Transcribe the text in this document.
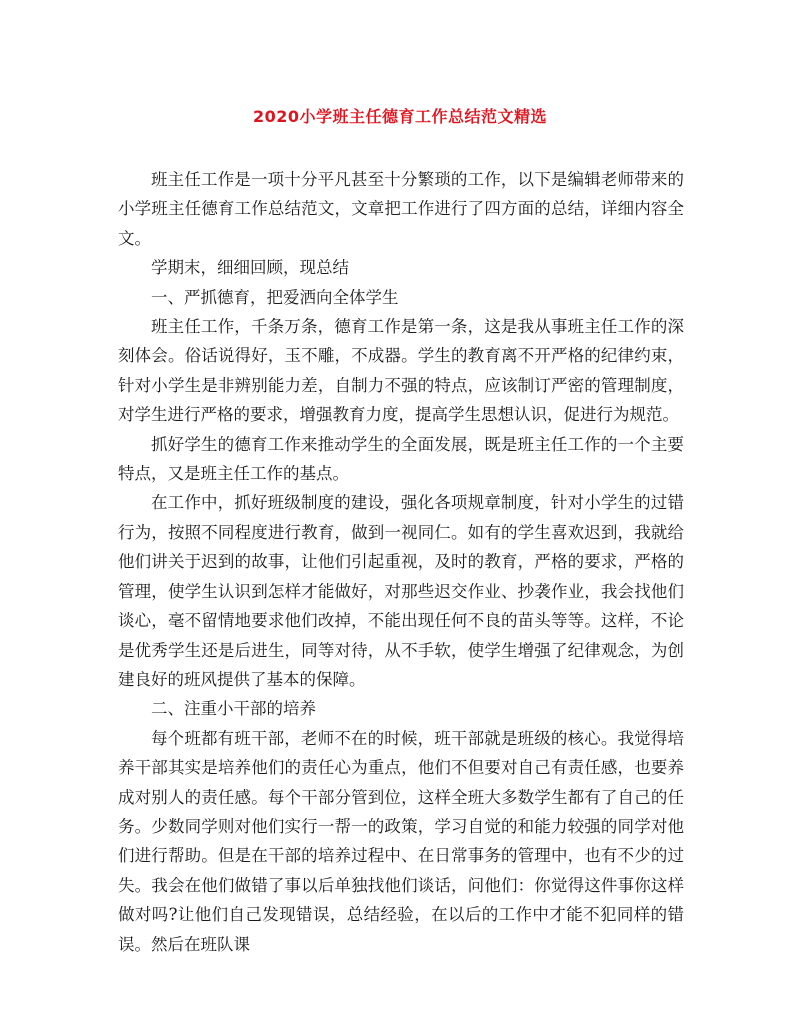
2020小学班主任德育工作总结范文精选

班主任工作是一项十分平凡甚至十分繁琐的工作，以下是编辑老师带来的小学班主任德育工作总结范文，文章把工作进行了四方面的总结，详细内容全文。

学期末，细细回顾，现总结

一、严抓德育，把爱洒向全体学生

班主任工作，千条万条，德育工作是第一条，这是我从事班主任工作的深刻体会。俗话说得好，玉不雕，不成器。学生的教育离不开严格的纪律约束，针对小学生是非辨别能力差，自制力不强的特点，应该制订严密的管理制度，对学生进行严格的要求，增强教育力度，提高学生思想认识，促进行为规范。

抓好学生的德育工作来推动学生的全面发展，既是班主任工作的一个主要特点，又是班主任工作的基点。

在工作中，抓好班级制度的建设，强化各项规章制度，针对小学生的过错行为，按照不同程度进行教育，做到一视同仁。如有的学生喜欢迟到，我就给他们讲关于迟到的故事，让他们引起重视，及时的教育，严格的要求，严格的管理，使学生认识到怎样才能做好，对那些迟交作业、抄袭作业，我会找他们谈心，毫不留情地要求他们改掉，不能出现任何不良的苗头等等。这样，不论是优秀学生还是后进生，同等对待，从不手软，使学生增强了纪律观念，为创建良好的班风提供了基本的保障。

二、注重小干部的培养

每个班都有班干部，老师不在的时候，班干部就是班级的核心。我觉得培养干部其实是培养他们的责任心为重点，他们不但要对自己有责任感，也要养成对别人的责任感。每个干部分管到位，这样全班大多数学生都有了自己的任务。少数同学则对他们实行一帮一的政策，学习自觉的和能力较强的同学对他们进行帮助。但是在干部的培养过程中、在日常事务的管理中，也有不少的过失。我会在他们做错了事以后单独找他们谈话，问他们：你觉得这件事你这样做对吗?让他们自己发现错误，总结经验，在以后的工作中才能不犯同样的错误。然后在班队课
